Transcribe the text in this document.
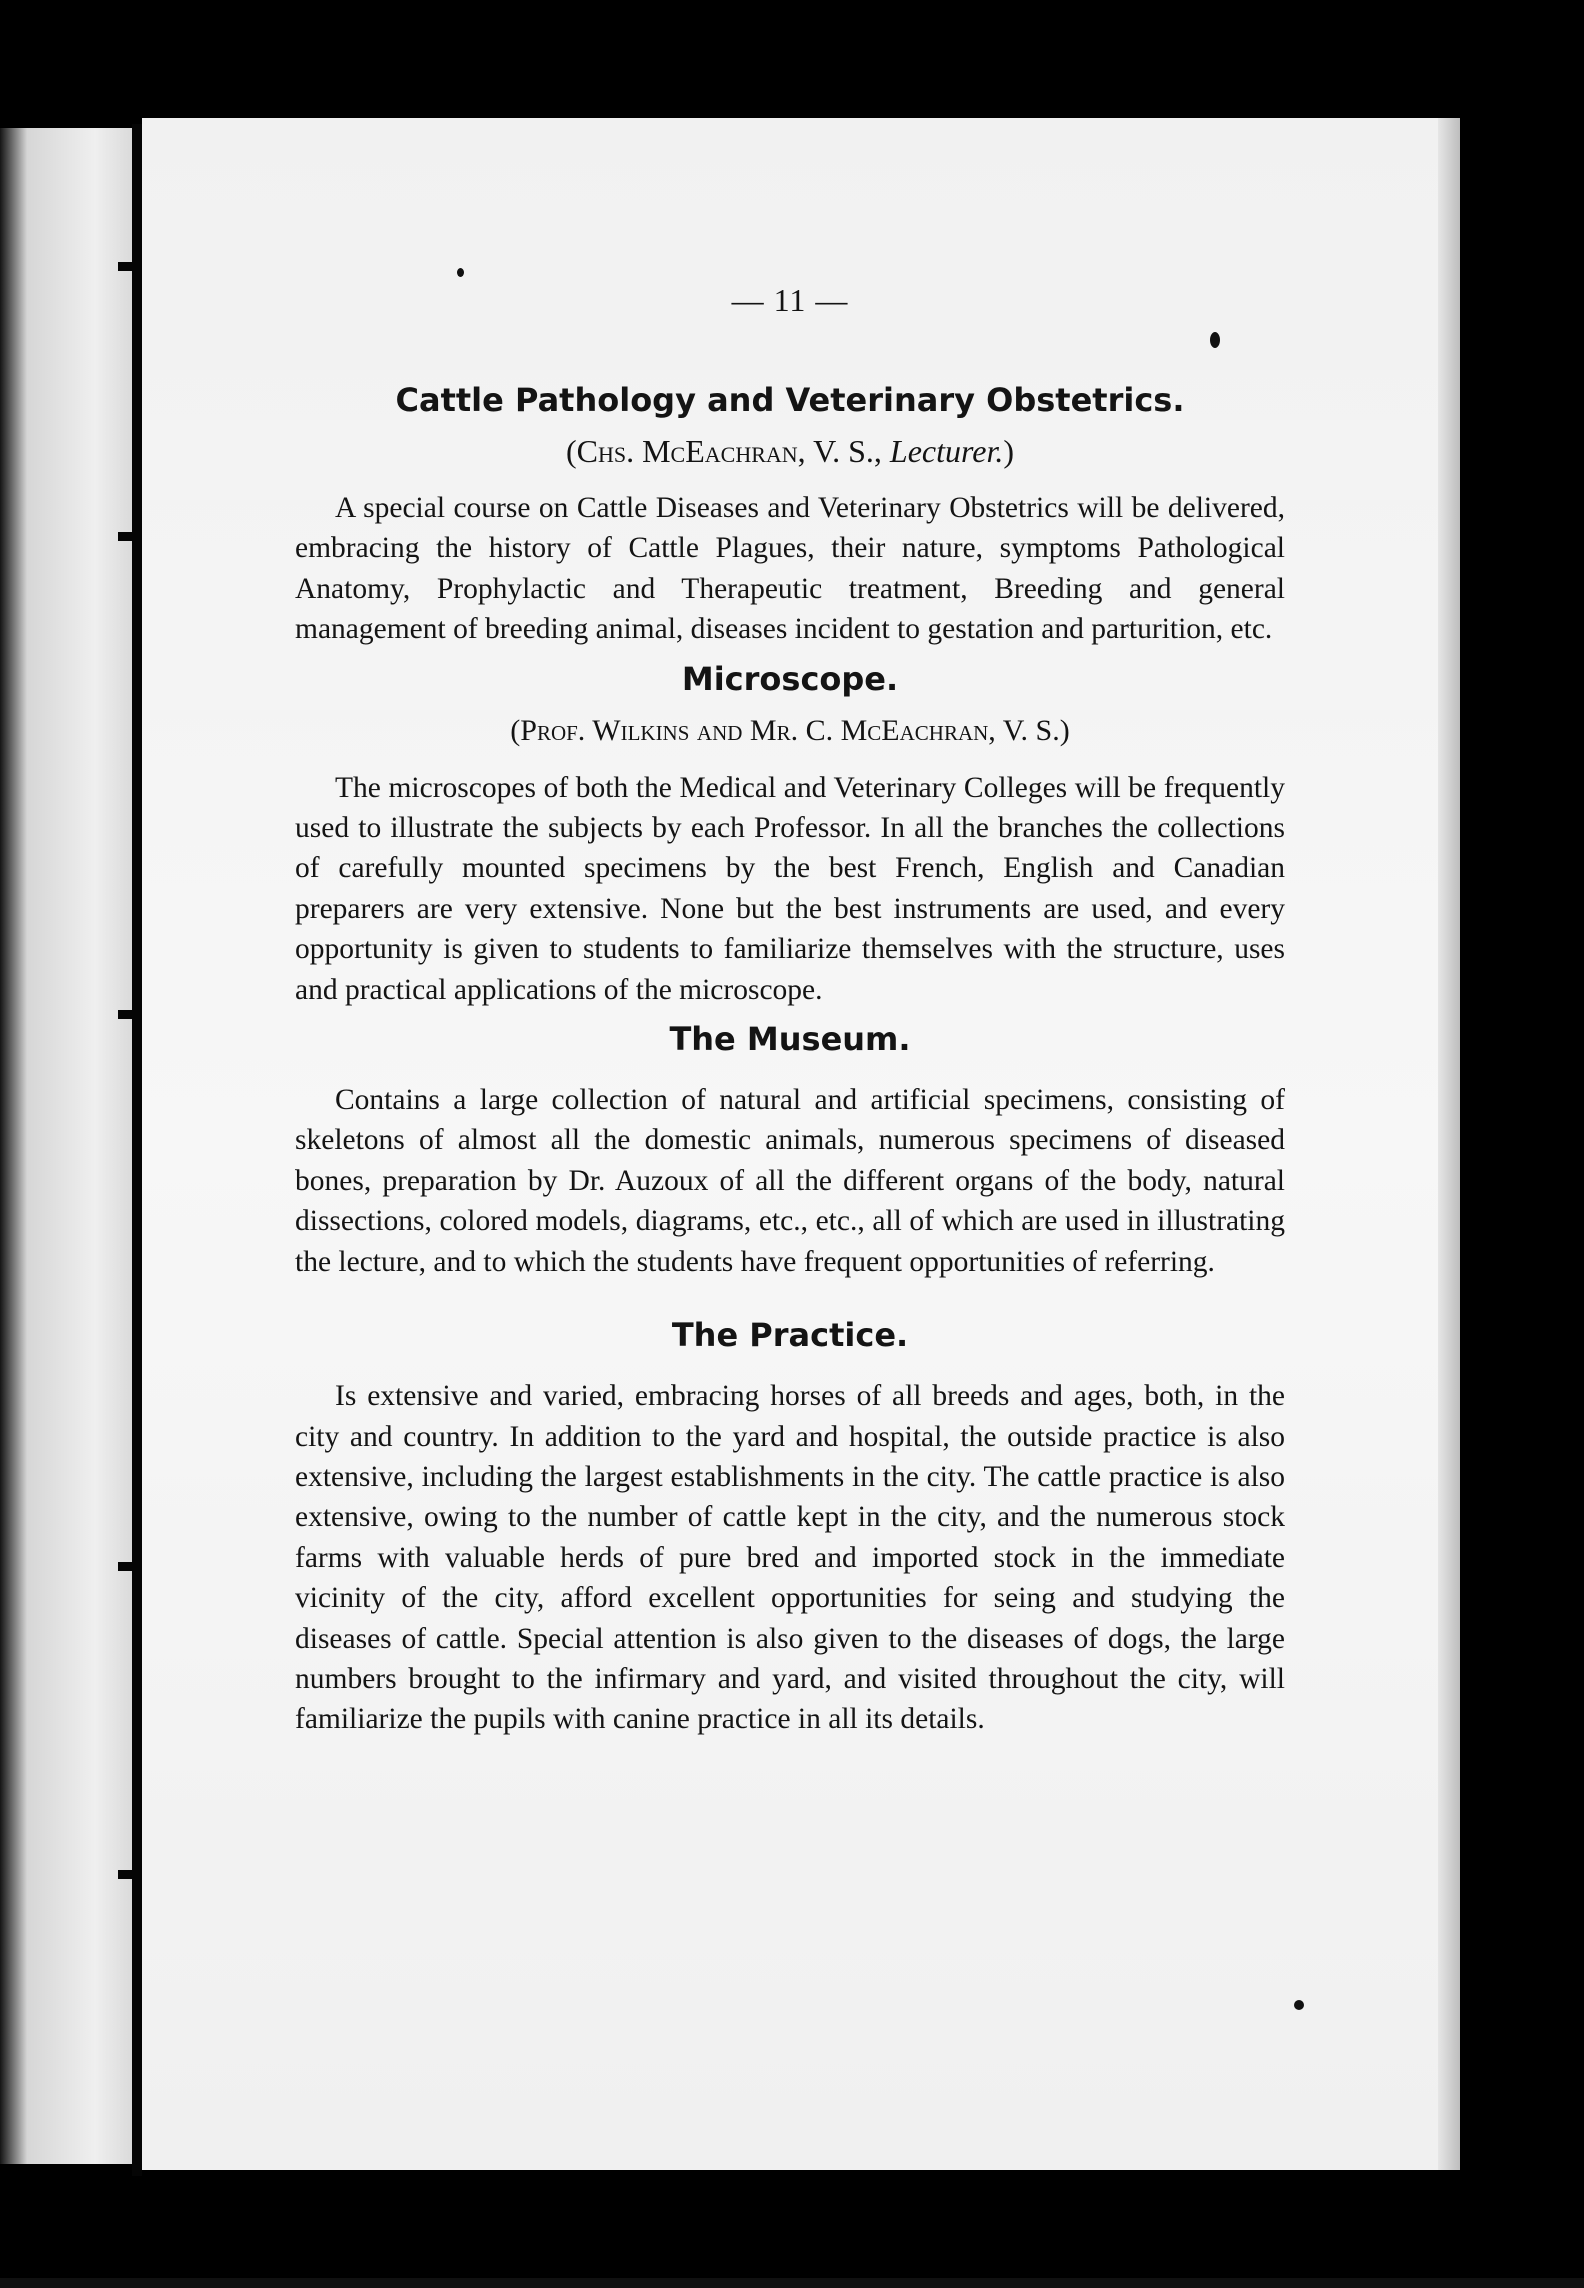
— 11 —
Cattle Pathology and Veterinary Obstetrics.
(Chs. McEachran, V. S., Lecturer.)

A special course on Cattle Diseases and Veterinary Obstetrics will be delivered, embracing the history of Cattle Plagues, their nature, symptoms Pathological Anatomy, Prophylactic and Therapeutic treatment, Breeding and general management of breeding animal, diseases incident to gestation and parturition, etc.

Microscope.
(Prof. Wilkins and Mr. C. McEachran, V. S.)

The microscopes of both the Medical and Veterinary Colleges will be frequently used to illustrate the subjects by each Professor. In all the branches the collections of carefully mounted specimens by the best French, English and Canadian preparers are very extensive. None but the best instruments are used, and every opportunity is given to students to familiarize themselves with the structure, uses and practical applications of the microscope.

The Museum.

Contains a large collection of natural and artificial specimens, consisting of skeletons of almost all the domestic animals, numerous specimens of diseased bones, preparation by Dr. Auzoux of all the different organs of the body, natural dissections, colored models, diagrams, etc., etc., all of which are used in illustrating the lecture, and to which the students have frequent opportunities of referring.

The Practice.

Is extensive and varied, embracing horses of all breeds and ages, both, in the city and country. In addition to the yard and hospital, the outside practice is also extensive, including the largest establishments in the city. The cattle practice is also extensive, owing to the number of cattle kept in the city, and the numerous stock farms with valuable herds of pure bred and imported stock in the immediate vicinity of the city, afford excellent opportunities for seing and studying the diseases of cattle. Special attention is also given to the diseases of dogs, the large numbers brought to the infirmary and yard, and visited throughout the city, will familiarize the pupils with canine practice in all its details.
